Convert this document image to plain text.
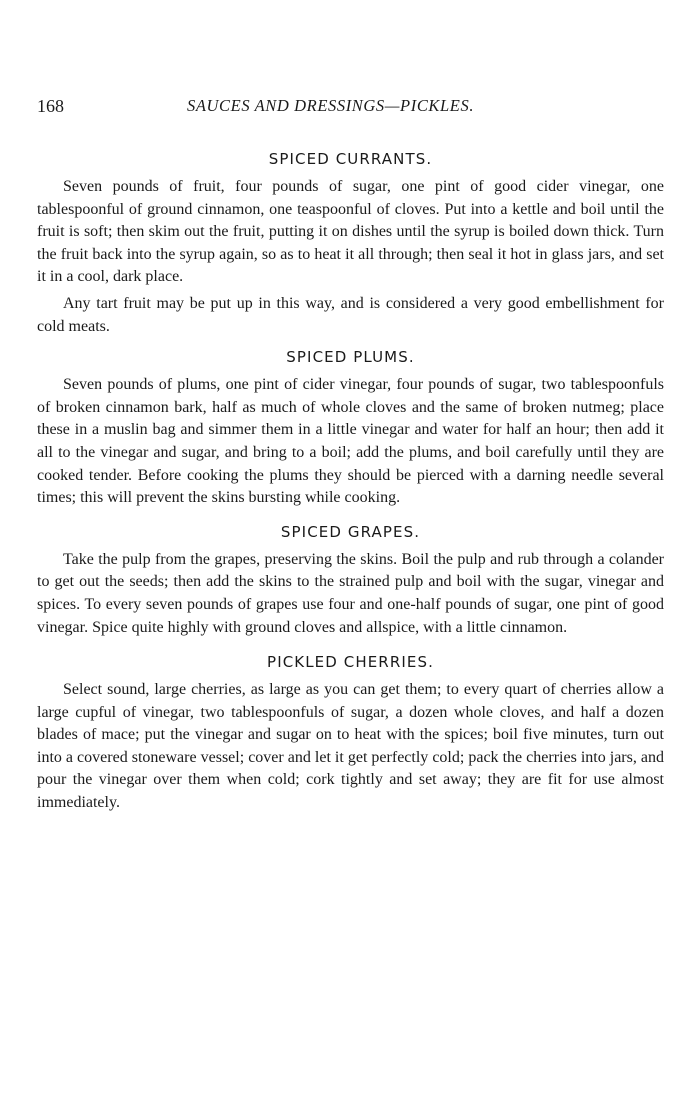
168	SAUCES AND DRESSINGS—PICKLES.
SPICED CURRANTS.

Seven pounds of fruit, four pounds of sugar, one pint of good cider vinegar, one tablespoonful of ground cinnamon, one teaspoonful of cloves. Put into a kettle and boil until the fruit is soft; then skim out the fruit, putting it on dishes until the syrup is boiled down thick. Turn the fruit back into the syrup again, so as to heat it all through; then seal it hot in glass jars, and set it in a cool, dark place.

Any tart fruit may be put up in this way, and is considered a very good embellishment for cold meats.

SPICED PLUMS.

Seven pounds of plums, one pint of cider vinegar, four pounds of sugar, two tablespoonfuls of broken cinnamon bark, half as much of whole cloves and the same of broken nutmeg; place these in a muslin bag and simmer them in a little vinegar and water for half an hour; then add it all to the vinegar and sugar, and bring to a boil; add the plums, and boil carefully until they are cooked tender. Before cooking the plums they should be pierced with a darning needle several times; this will prevent the skins bursting while cooking.

SPICED GRAPES.

Take the pulp from the grapes, preserving the skins. Boil the pulp and rub through a colander to get out the seeds; then add the skins to the strained pulp and boil with the sugar, vinegar and spices. To every seven pounds of grapes use four and one-half pounds of sugar, one pint of good vinegar. Spice quite highly with ground cloves and allspice, with a little cinnamon.

PICKLED CHERRIES.

Select sound, large cherries, as large as you can get them; to every quart of cherries allow a large cupful of vinegar, two tablespoonfuls of sugar, a dozen whole cloves, and half a dozen blades of mace; put the vinegar and sugar on to heat with the spices; boil five minutes, turn out into a covered stoneware vessel; cover and let it get perfectly cold; pack the cherries into jars, and pour the vinegar over them when cold; cork tightly and set away; they are fit for use almost immediately.
